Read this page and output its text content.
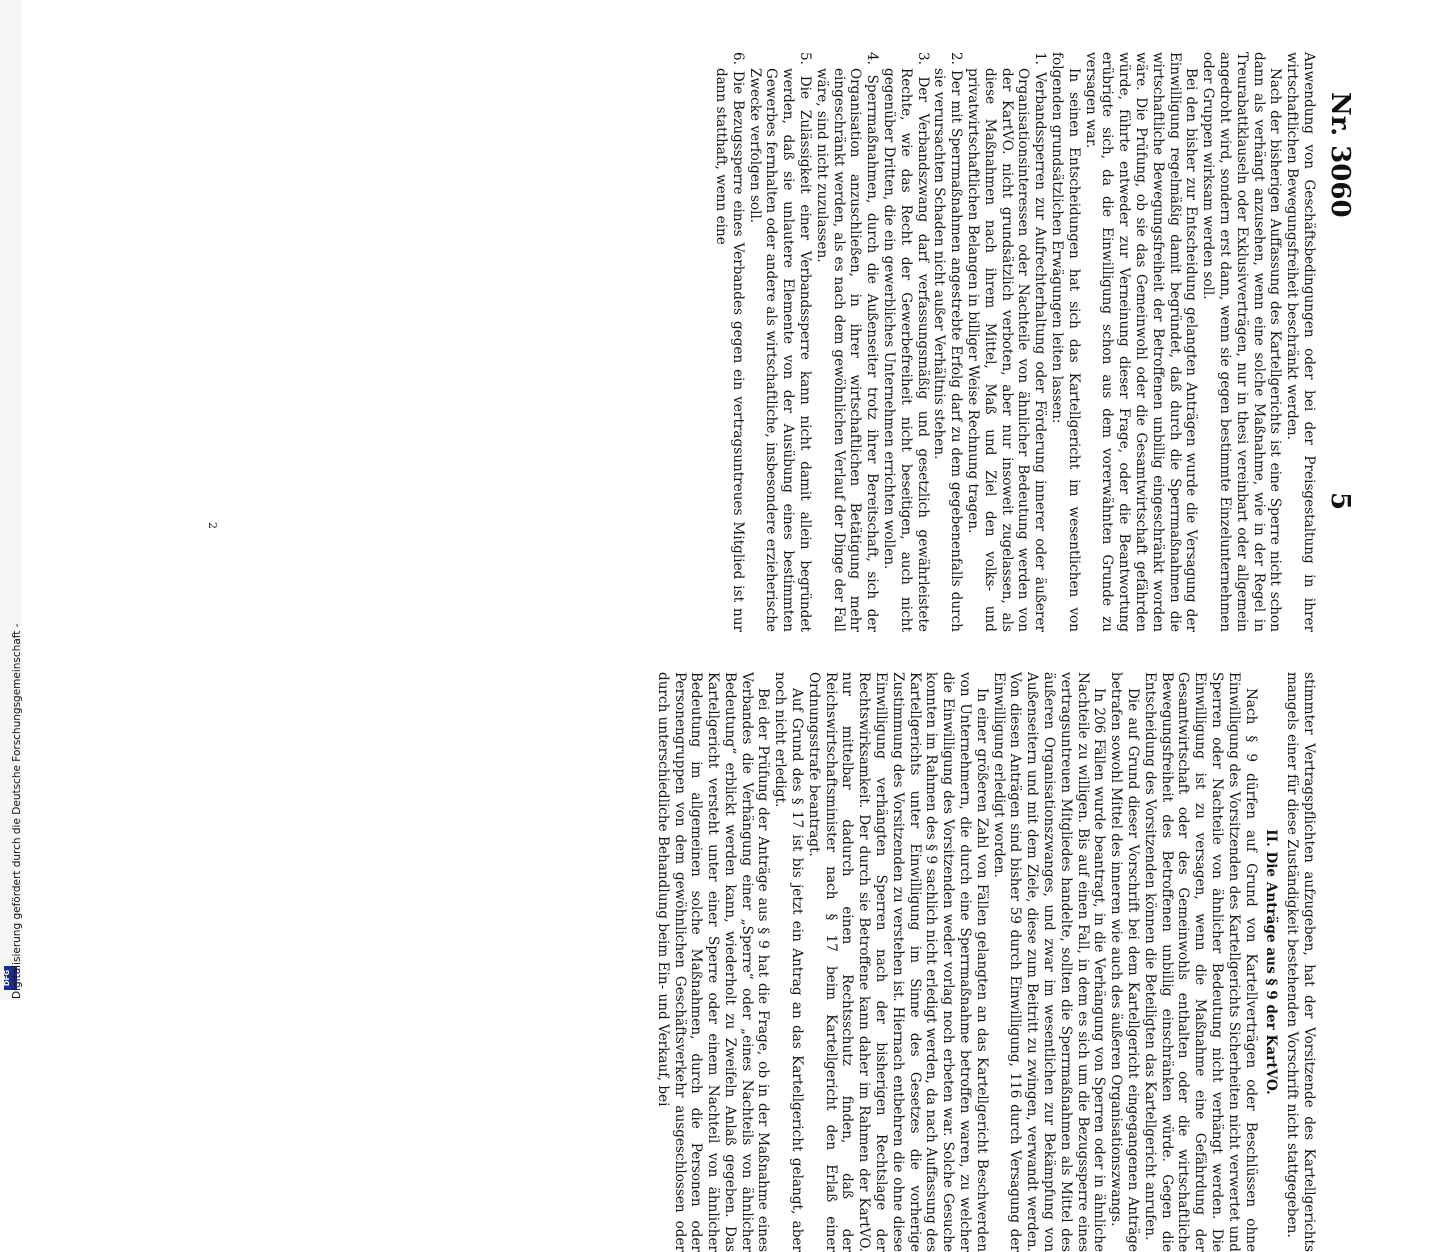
DFG Digitalisierung gefördert durch die Deutsche Forschungsgemeinschaft -
Nr. 3060
5

Anwendung von Geschäftsbedingungen oder bei der Preisgestaltung in ihrer wirtschaftlichen Bewegungsfreiheit beschränkt werden.

Nach der bisherigen Auffassung des Kartellgerichts ist eine Sperre nicht schon dann als verhängt anzusehen, wenn eine solche Maßnahme, wie in der Regel in Treurabattklauseln oder Exklusivverträgen, nur in thesi vereinbart oder allgemein angedroht wird, sondern erst dann, wenn sie gegen bestimmte Einzelunternehmen oder Gruppen wirksam werden soll.

Bei den bisher zur Entscheidung gelangten Anträgen wurde die Versagung der Einwilligung regelmäßig damit begründet, daß durch die Sperrmaßnahmen die wirtschaftliche Bewegungsfreiheit der Betroffenen unbillig eingeschränkt worden wäre. Die Prüfung, ob sie das Gemeinwohl oder die Gesamtwirtschaft gefährden würde, führte entweder zur Verneinung dieser Frage, oder die Beantwortung erübrigte sich, da die Einwilligung schon aus dem vorerwähnten Grunde zu versagen war.

In seinen Entscheidungen hat sich das Kartellgericht im wesentlichen von folgenden grundsätzlichen Erwägungen leiten lassen:

1. Verbandssperren zur Aufrechterhaltung oder Förderung innerer oder äußerer Organisationsinteressen oder Nachteile von ähnlicher Bedeutung werden von der KartVO. nicht grundsätzlich verboten, aber nur insoweit zugelassen, als diese Maßnahmen nach ihrem Mittel, Maß und Ziel den volks- und privatwirtschaftlichen Belangen in billiger Weise Rechnung tragen.

2. Der mit Sperrmaßnahmen angestrebte Erfolg darf zu dem gegebenenfalls durch sie verursachten Schaden nicht außer Verhältnis stehen.

3. Der Verbandszwang darf verfassungsmäßig und gesetzlich gewährleistete Rechte, wie das Recht der Gewerbefreiheit nicht beseitigen, auch nicht gegenüber Dritten, die ein gewerbliches Unternehmen errichten wollen.

4. Sperrmaßnahmen, durch die Außenseiter trotz ihrer Bereitschaft, sich der Organisation anzuschließen, in ihrer wirtschaftlichen Betätigung mehr eingeschränkt werden, als es nach dem gewöhnlichen Verlauf der Dinge der Fall wäre, sind nicht zuzulassen.

5. Die Zulässigkeit einer Verbandssperre kann nicht damit allein begründet werden, daß sie unlautere Elemente von der Ausübung eines bestimmten Gewerbes fernhalten oder andere als wirtschaftliche, insbesondere erzieherische Zwecke verfolgen soll.

6. Die Bezugssperre eines Verbandes gegen ein vertragsuntreues Mitglied ist nur dann statthaft, wenn eine

stimmter Vertragspflichten aufzugeben, hat der Vorsitzende des Kartellgerichts mangels einer für diese Zuständigkeit bestehenden Vorschrift nicht stattgegeben.

II. Die Anträge aus § 9 der KartVO.

Nach § 9 dürfen auf Grund von Kartellverträgen oder Beschlüssen ohne Einwilligung des Vorsitzenden des Kartellgerichts Sicherheiten nicht verwertet und Sperren oder Nachteile von ähnlicher Bedeutung nicht verhängt werden. Die Einwilligung ist zu versagen, wenn die Maßnahme eine Gefährdung der Gesamtwirtschaft oder des Gemeinwohls enthalten oder die wirtschaftliche Bewegungsfreiheit des Betroffenen unbillig einschränken würde. Gegen die Entscheidung des Vorsitzenden können die Beteiligten das Kartellgericht anrufen.

Die auf Grund dieser Vorschrift bei dem Kartellgericht eingegangenen Anträge betrafen sowohl Mittel des inneren wie auch des äußeren Organisationszwangs.

In 206 Fällen wurde beantragt, in die Verhängung von Sperren oder in ähnliche Nachteile zu willigen. Bis auf einen Fall, in dem es sich um die Bezugssperre eines vertragsuntreuen Mitgliedes handelte, sollten die Sperrmaßnahmen als Mittel des äußeren Organisationszwanges, und zwar im wesentlichen zur Bekämpfung von Außenseitern und mit dem Ziele, diese zum Beitritt zu zwingen, verwandt werden. Von diesen Anträgen sind bisher 59 durch Einwilligung, 116 durch Versagung der Einwilligung erledigt worden.

In einer größeren Zahl von Fällen gelangten an das Kartellgericht Beschwerden von Unternehmern, die durch eine Sperrmaßnahme betroffen waren, zu welcher die Einwilligung des Vorsitzenden weder vorlag noch erbeten war. Solche Gesuche konnten im Rahmen des § 9 sachlich nicht erledigt werden, da nach Auffassung des Kartellgerichts unter Einwilligung im Sinne des Gesetzes die vorherige Zustimmung des Vorsitzenden zu verstehen ist. Hiernach entbehren die ohne diese Einwilligung verhängten Sperren nach der bisherigen Rechtslage der Rechtswirksamkeit. Der durch sie Betroffene kann daher im Rahmen der KartVO. nur mittelbar dadurch einen Rechtsschutz finden, daß der Reichswirtschaftsminister nach § 17 beim Kartellgericht den Erlaß einer Ordnungsstrafe beantragt.

Auf Grund des § 17 ist bis jetzt ein Antrag an das Kartellgericht gelangt, aber noch nicht erledigt.

Bei der Prüfung der Anträge aus § 9 hat die Frage, ob in der Maßnahme eines Verbandes die Verhängung einer „Sperre“ oder „eines Nachteils von ähnlicher Bedeutung“ erblickt werden kann, wiederholt zu Zweifeln Anlaß gegeben. Das Kartellgericht versteht unter einer Sperre oder einem Nachteil von ähnlicher Bedeutung im allgemeinen solche Maßnahmen, durch die Personen oder Personengruppen von dem gewöhnlichen Geschäftsverkehr ausgeschlossen oder durch unterschiedliche Behandlung beim Ein- und Verkauf, bei

2
